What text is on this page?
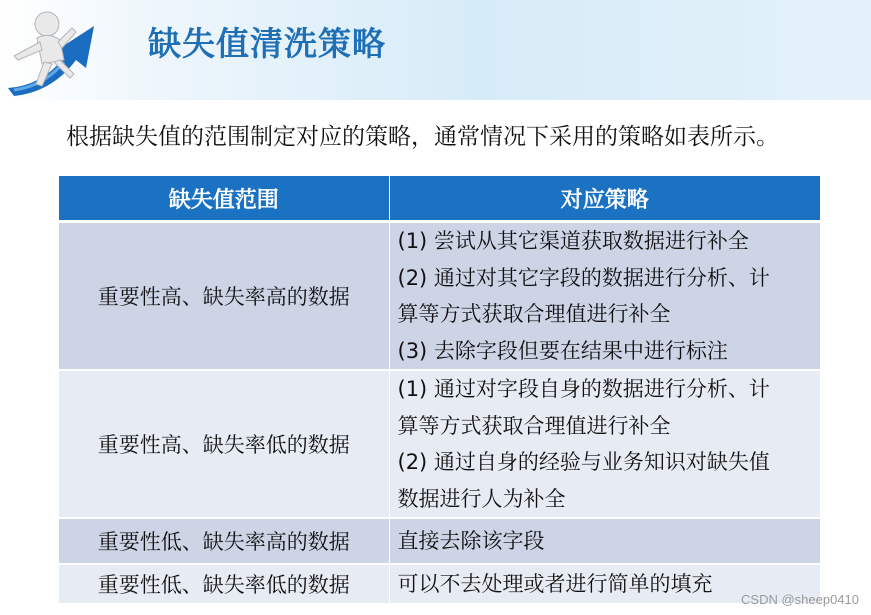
缺失值清洗策略
根据缺失值的范围制定对应的策略，通常情况下采用的策略如表所示。
缺失值范围	对应策略
重要性高、缺失率高的数据	(1) 尝试从其它渠道获取数据进行补全
(2) 通过对其它字段的数据进行分析、计
算等方式获取合理值进行补全
(3) 去除字段但要在结果中进行标注

重要性高、缺失率低的数据	(1) 通过对字段自身的数据进行分析、计
算等方式获取合理值进行补全
(2) 通过自身的经验与业务知识对缺失值
数据进行人为补全

重要性低、缺失率高的数据	直接去除该字段

重要性低、缺失率低的数据	可以不去处理或者进行简单的填充
CSDN @sheep0410
